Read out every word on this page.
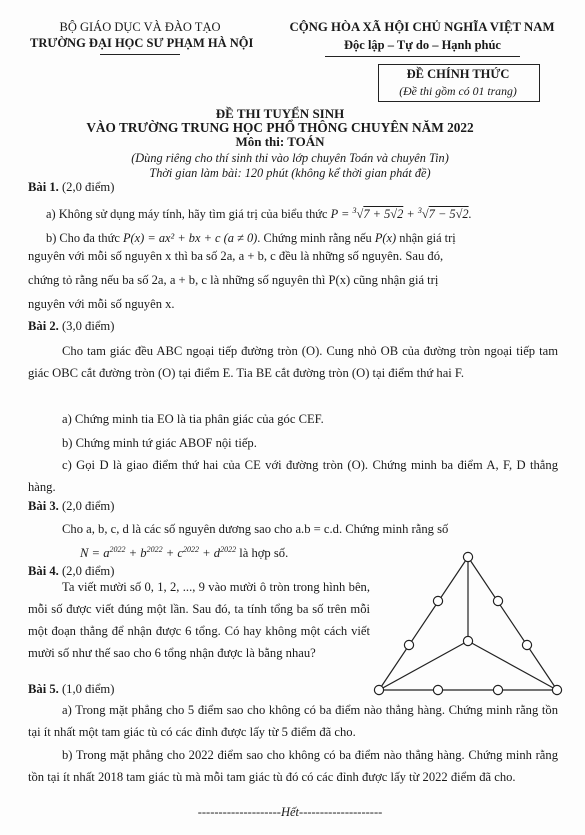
BỘ GIÁO DỤC VÀ ĐÀO TẠO
TRƯỜNG ĐẠI HỌC SƯ PHẠM HÀ NỘI
CỘNG HÒA XÃ HỘI CHỦ NGHĨA VIỆT NAM
Độc lập – Tự do – Hạnh phúc
ĐỀ CHÍNH THỨC
(Đề thi gồm có 01 trang)
ĐỀ THI TUYỂN SINH
VÀO TRƯỜNG TRUNG HỌC PHỔ THÔNG CHUYÊN NĂM 2022
Môn thi: TOÁN
(Dùng riêng cho thí sinh thi vào lớp chuyên Toán và chuyên Tin)
Thời gian làm bài: 120 phút (không kể thời gian phát đề)
Bài 1. (2,0 điểm)
a) Không sử dụng máy tính, hãy tìm giá trị của biểu thức P = $^3$√7 + 5√2 + $^3$√7 − 5√2.
b) Cho đa thức P(x) = ax² + bx + c (a ≠ 0). Chứng minh rằng nếu P(x) nhận giá trị
nguyên với mỗi số nguyên x thì ba số 2a, a + b, c đều là những số nguyên. Sau đó,
chứng tỏ rằng nếu ba số 2a, a + b, c là những số nguyên thì P(x) cũng nhận giá trị
nguyên với mỗi số nguyên x.
Bài 2. (3,0 điểm)
Cho tam giác đều ABC ngoại tiếp đường tròn (O). Cung nhỏ OB của đường tròn ngoại tiếp tam giác OBC cắt đường tròn (O) tại điểm E. Tia BE cắt đường tròn (O) tại điểm thứ hai F.
a) Chứng minh tia EO là tia phân giác của góc CEF.
b) Chứng minh tứ giác ABOF nội tiếp.
c) Gọi D là giao điểm thứ hai của CE với đường tròn (O). Chứng minh ba điểm A, F, D thẳng hàng.
Bài 3. (2,0 điểm)
Cho a, b, c, d là các số nguyên dương sao cho a.b = c.d. Chứng minh rằng số
$N = a^{2022} + b^{2022} + c^{2022} + d^{2022}$ là hợp số.
Bài 4. (2,0 điểm)
Ta viết mười số 0, 1, 2, ..., 9 vào mười ô tròn trong hình bên, mỗi số được viết đúng một lần. Sau đó, ta tính tổng ba số trên mỗi một đoạn thẳng để nhận được 6 tổng. Có hay không một cách viết mười số như thế sao cho 6 tổng nhận được là bằng nhau?
Bài 5. (1,0 điểm)
a) Trong mặt phẳng cho 5 điểm sao cho không có ba điểm nào thẳng hàng. Chứng minh rằng tồn tại ít nhất một tam giác tù có các đỉnh được lấy từ 5 điểm đã cho.
b) Trong mặt phẳng cho 2022 điểm sao cho không có ba điểm nào thẳng hàng. Chứng minh rằng tồn tại ít nhất 2018 tam giác tù mà mỗi tam giác tù đó có các đỉnh được lấy từ 2022 điểm đã cho.
--------------------Hết--------------------
